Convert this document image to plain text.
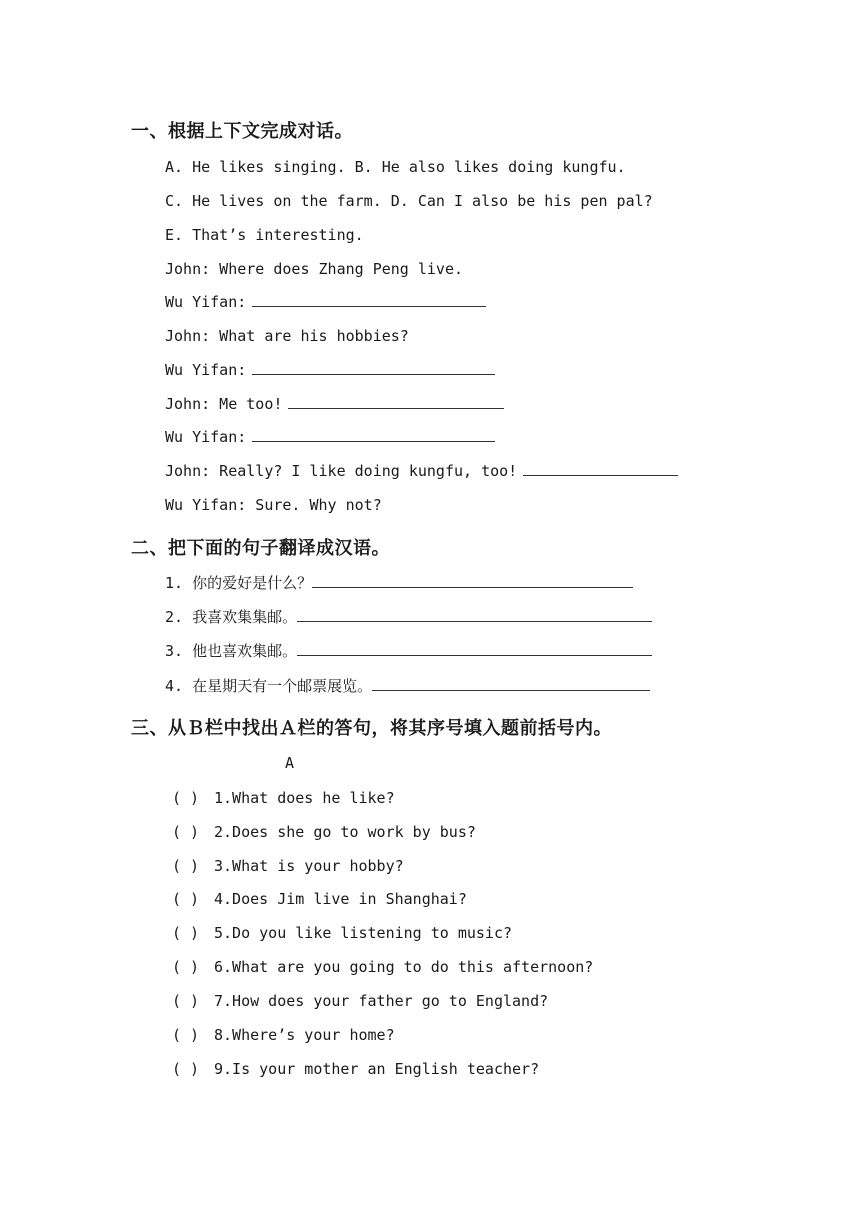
一、根据上下文完成对话。
A. He likes singing. B. He also likes doing kungfu.
C. He lives on the farm. D. Can I also be his pen pal?
E. That’s interesting.
John: Where does Zhang Peng live.
Wu Yifan:
John: What are his hobbies?
Wu Yifan:
John: Me too!
Wu Yifan:
John: Really? I like doing kungfu, too!
Wu Yifan: Sure. Why not?
二、把下面的句子翻译成汉语。
1. 你的爱好是什么？
2. 我喜欢集集邮。
3. 他也喜欢集邮。
4. 在星期天有一个邮票展览。
三、从Ｂ栏中找出Ａ栏的答句，将其序号填入题前括号内。
A
( ) 1.What does he like?
( ) 2.Does she go to work by bus?
( ) 3.What is your hobby?
( ) 4.Does Jim live in Shanghai?
( ) 5.Do you like listening to music?
( ) 6.What are you going to do this afternoon?
( ) 7.How does your father go to England?
( ) 8.Where’s your home?
( ) 9.Is your mother an English teacher?
